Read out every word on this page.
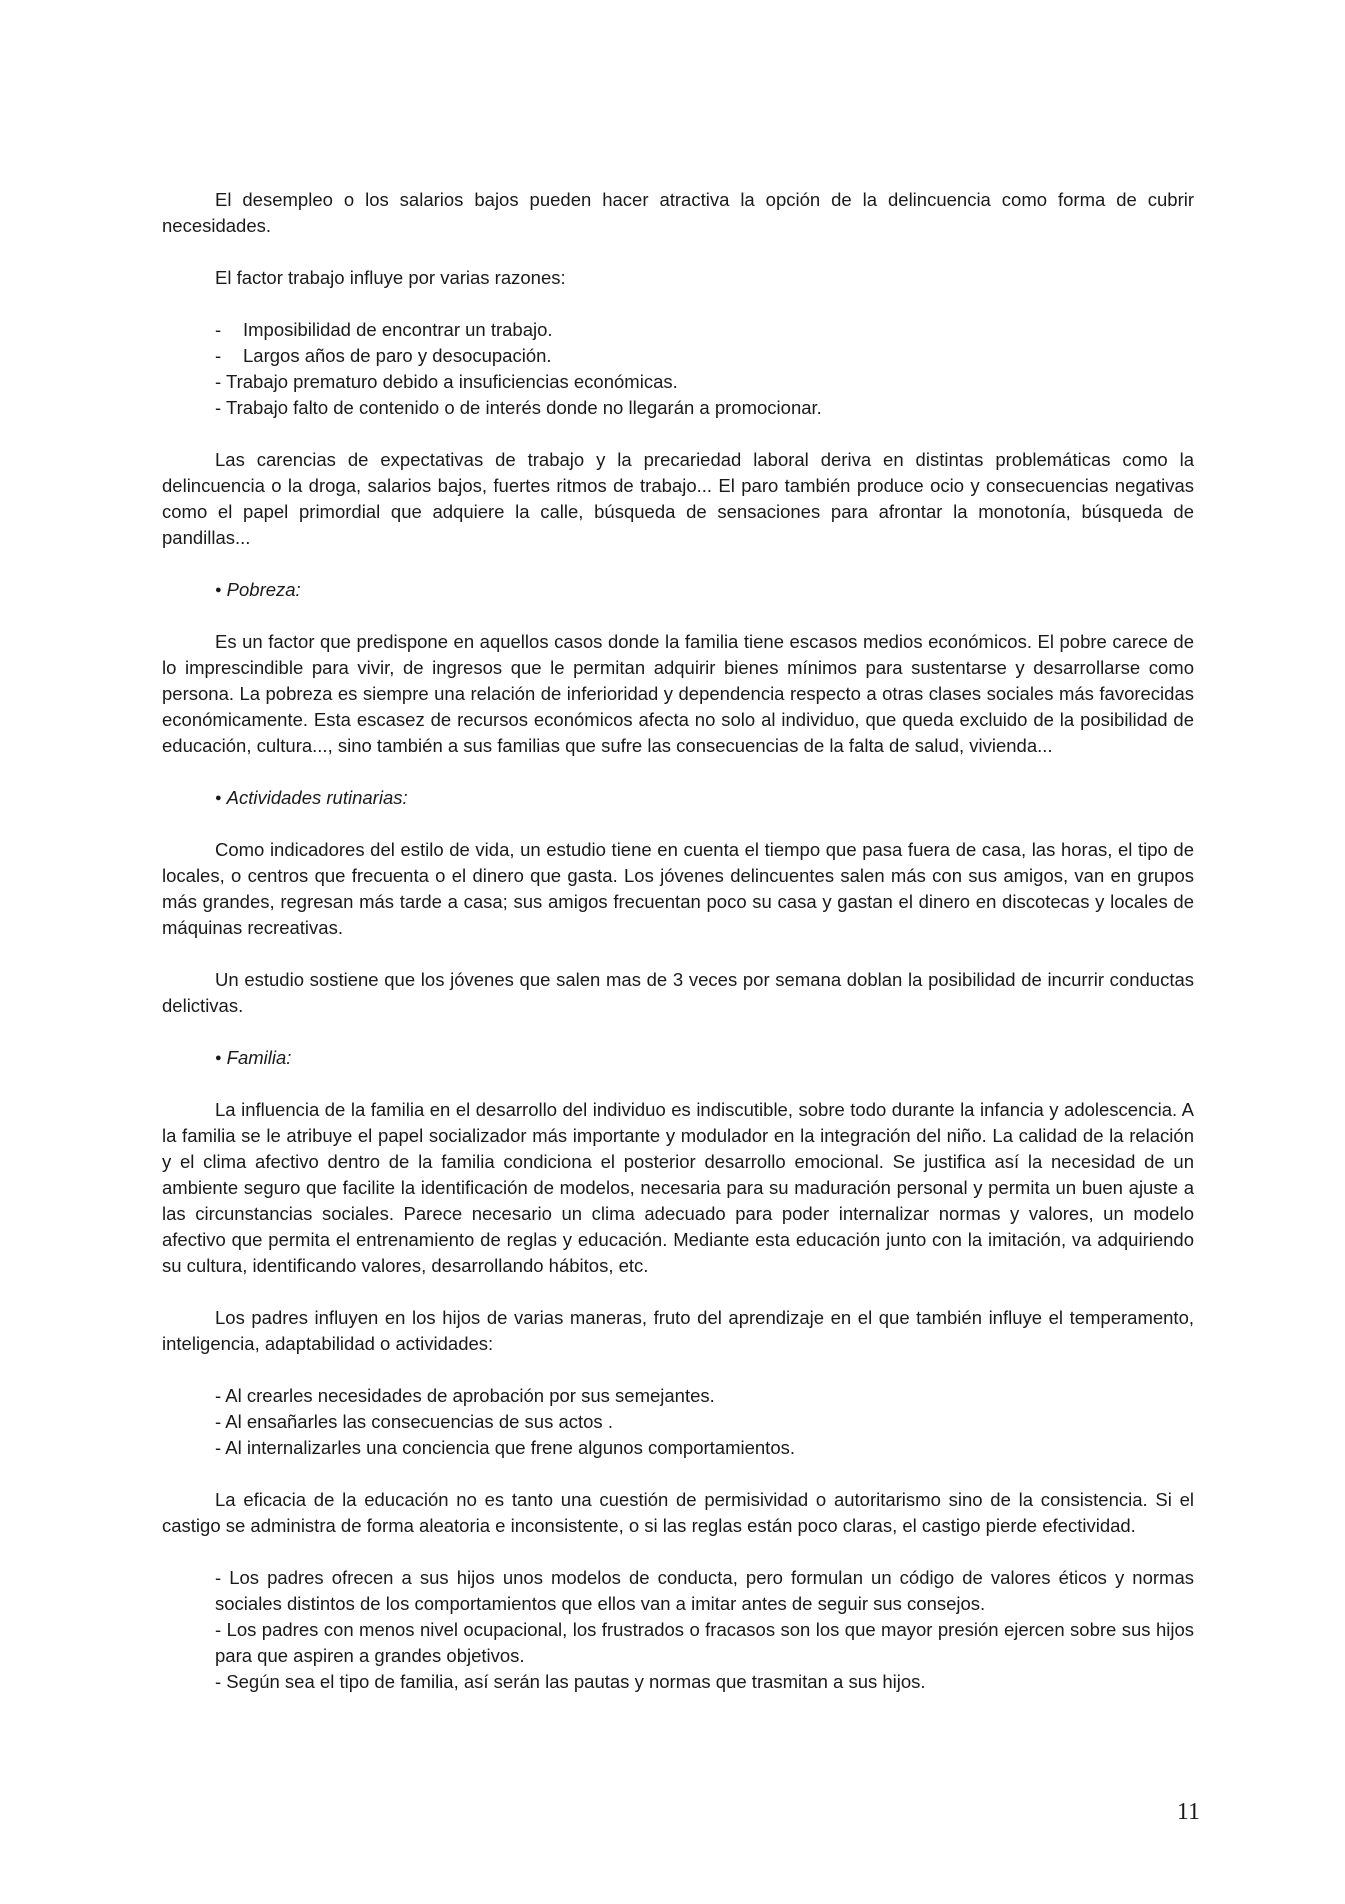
El desempleo o los salarios bajos pueden hacer atractiva la opción de la delincuencia como forma de cubrir necesidades.

El factor trabajo influye por varias razones:

- Imposibilidad de encontrar un trabajo.

- Largos años de paro y desocupación.

- Trabajo prematuro debido a insuficiencias económicas.

- Trabajo falto de contenido o de interés donde no llegarán a promocionar.

Las carencias de expectativas de trabajo y la precariedad laboral deriva en distintas problemáticas como la delincuencia o la droga, salarios bajos, fuertes ritmos de trabajo... El paro también produce ocio y consecuencias negativas como el papel primordial que adquiere la calle, búsqueda de sensaciones para afrontar la monotonía, búsqueda de pandillas...

● Pobreza:

Es un factor que predispone en aquellos casos donde la familia tiene escasos medios económicos. El pobre carece de lo imprescindible para vivir, de ingresos que le permitan adquirir bienes mínimos para sustentarse y desarrollarse como persona. La pobreza es siempre una relación de inferioridad y dependencia respecto a otras clases sociales más favorecidas económicamente. Esta escasez de recursos económicos afecta no solo al individuo, que queda excluido de la posibilidad de educación, cultura..., sino también a sus familias que sufre las consecuencias de la falta de salud, vivienda...

● Actividades rutinarias:

Como indicadores del estilo de vida, un estudio tiene en cuenta el tiempo que pasa fuera de casa, las horas, el tipo de locales, o centros que frecuenta o el dinero que gasta. Los jóvenes delincuentes salen más con sus amigos, van en grupos más grandes, regresan más tarde a casa; sus amigos frecuentan poco su casa y gastan el dinero en discotecas y locales de máquinas recreativas.

Un estudio sostiene que los jóvenes que salen mas de 3 veces por semana doblan la posibilidad de incurrir conductas delictivas.

● Familia:

La influencia de la familia en el desarrollo del individuo es indiscutible, sobre todo durante la infancia y adolescencia. A la familia se le atribuye el papel socializador más importante y modulador en la integración del niño. La calidad de la relación y el clima afectivo dentro de la familia condiciona el posterior desarrollo emocional. Se justifica así la necesidad de un ambiente seguro que facilite la identificación de modelos, necesaria para su maduración personal y permita un buen ajuste a las circunstancias sociales. Parece necesario un clima adecuado para poder internalizar normas y valores, un modelo afectivo que permita el entrenamiento de reglas y educación. Mediante esta educación junto con la imitación, va adquiriendo su cultura, identificando valores, desarrollando hábitos, etc.

Los padres influyen en los hijos de varias maneras, fruto del aprendizaje en el que también influye el temperamento, inteligencia, adaptabilidad o actividades:

- Al crearles necesidades de aprobación por sus semejantes.

- Al ensañarles las consecuencias de sus actos .

- Al internalizarles una conciencia que frene algunos comportamientos.

La eficacia de la educación no es tanto una cuestión de permisividad o autoritarismo sino de la consistencia. Si el castigo se administra de forma aleatoria e inconsistente, o si las reglas están poco claras, el castigo pierde efectividad.

- Los padres ofrecen a sus hijos unos modelos de conducta, pero formulan un código de valores éticos y normas sociales distintos de los comportamientos que ellos van a imitar antes de seguir sus consejos.

- Los padres con menos nivel ocupacional, los frustrados o fracasos son los que mayor presión ejercen sobre sus hijos para que aspiren a grandes objetivos.

- Según sea el tipo de familia, así serán las pautas y normas que trasmitan a sus hijos.

11
